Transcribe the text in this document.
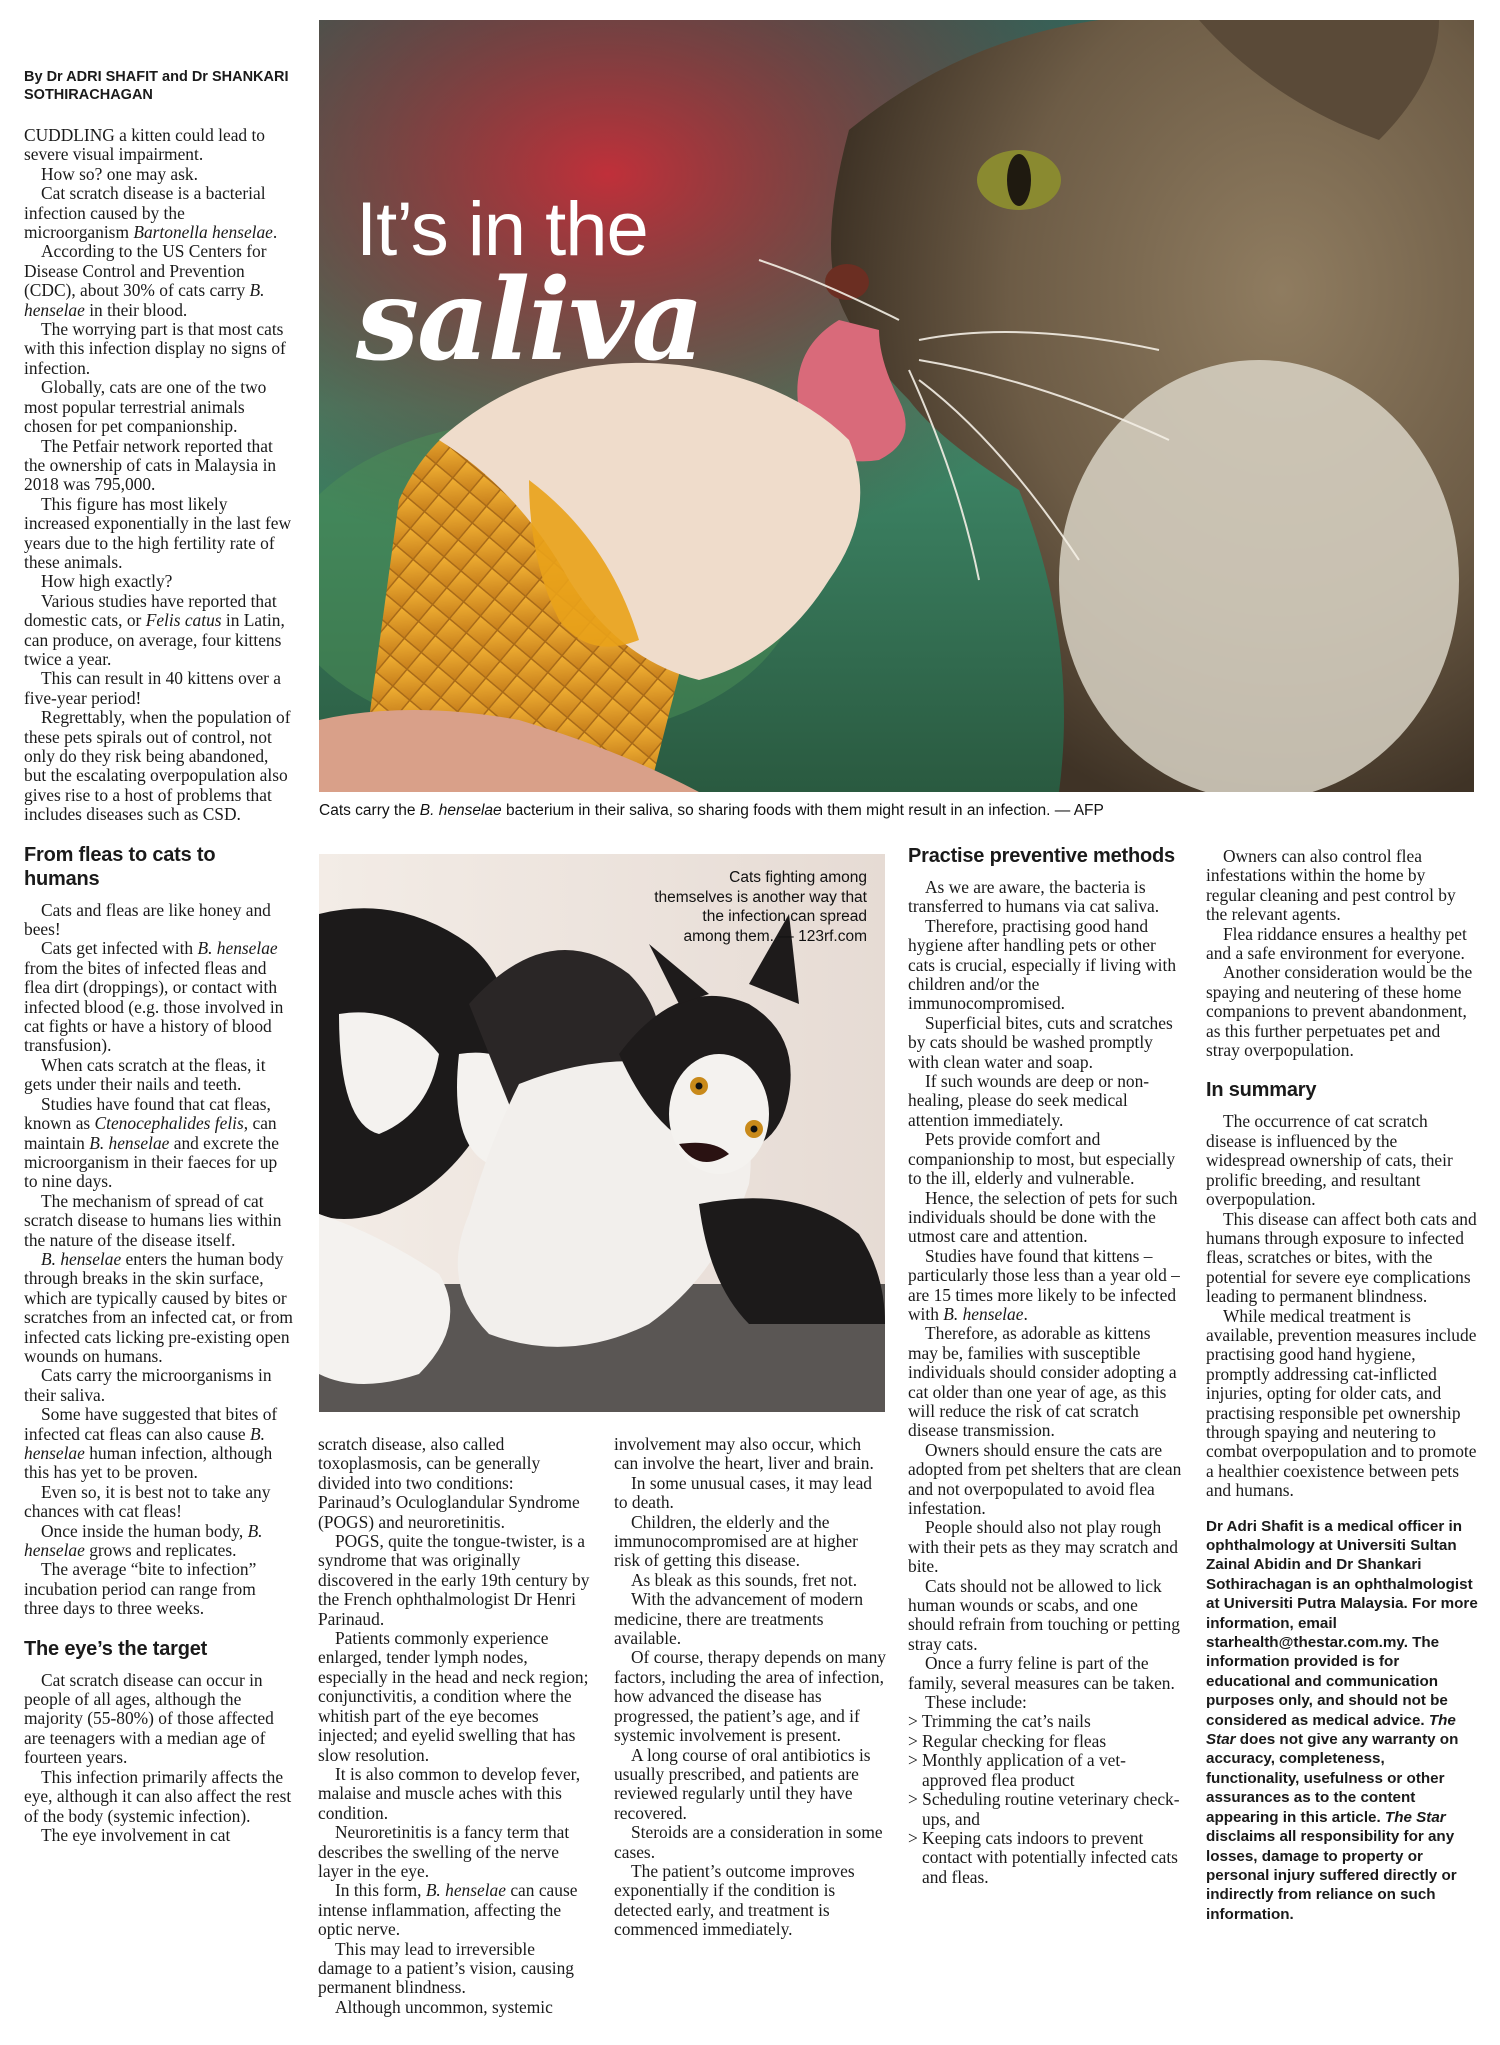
It’s in the
saliva
Cats carry the B. henselae bacterium in their saliva, so sharing foods with them might result in an infection. — AFP
Cats fighting among themselves is another way that the infection can spread among them. — 123rf.com
By Dr ADRI SHAFIT and Dr SHANKARI SOTHIRACHAGAN

CUDDLING a kitten could lead to severe visual impairment.

How so? one may ask.

Cat scratch disease is a bacterial infection caused by the microorganism Bartonella henselae.

According to the US Centers for Disease Control and Prevention (CDC), about 30% of cats carry B. henselae in their blood.

The worrying part is that most cats with this infection display no signs of infection.

Globally, cats are one of the two most popular terrestrial animals chosen for pet companionship.

The Petfair network reported that the ownership of cats in Malaysia in 2018 was 795,000.

This figure has most likely increased exponentially in the last few years due to the high fertility rate of these animals.

How high exactly?

Various studies have reported that domestic cats, or Felis catus in Latin, can produce, on average, four kittens twice a year.

This can result in 40 kittens over a five-year period!

Regrettably, when the population of these pets spirals out of control, not only do they risk being abandoned, but the escalating overpopulation also gives rise to a host of problems that includes diseases such as CSD.

From fleas to cats to humans

Cats and fleas are like honey and bees!

Cats get infected with B. henselae from the bites of infected fleas and flea dirt (droppings), or contact with infected blood (e.g. those involved in cat fights or have a history of blood transfusion).

When cats scratch at the fleas, it gets under their nails and teeth.

Studies have found that cat fleas, known as Ctenocephalides felis, can maintain B. henselae and excrete the microorganism in their faeces for up to nine days.

The mechanism of spread of cat scratch disease to humans lies within the nature of the disease itself.

B. henselae enters the human body through breaks in the skin surface, which are typically caused by bites or scratches from an infected cat, or from infected cats licking pre-existing open wounds on humans.

Cats carry the microorganisms in their saliva.

Some have suggested that bites of infected cat fleas can also cause B. henselae human infection, although this has yet to be proven.

Even so, it is best not to take any chances with cat fleas!

Once inside the human body, B. henselae grows and replicates.

The average “bite to infection” incubation period can range from three days to three weeks.

The eye’s the target

Cat scratch disease can occur in people of all ages, although the majority (55-80%) of those affected are teenagers with a median age of fourteen years.

This infection primarily affects the eye, although it can also affect the rest of the body (systemic infection).

The eye involvement in cat

scratch disease, also called toxoplasmosis, can be generally divided into two conditions: Parinaud’s Oculoglandular Syndrome (POGS) and neuroretinitis.

POGS, quite the tongue-twister, is a syndrome that was originally discovered in the early 19th century by the French ophthalmologist Dr Henri Parinaud.

Patients commonly experience enlarged, tender lymph nodes, especially in the head and neck region; conjunctivitis, a condition where the whitish part of the eye becomes injected; and eyelid swelling that has slow resolution.

It is also common to develop fever, malaise and muscle aches with this condition.

Neuroretinitis is a fancy term that describes the swelling of the nerve layer in the eye.

In this form, B. henselae can cause intense inflammation, affecting the optic nerve.

This may lead to irreversible damage to a patient’s vision, causing permanent blindness.

Although uncommon, systemic

involvement may also occur, which can involve the heart, liver and brain.

In some unusual cases, it may lead to death.

Children, the elderly and the immunocompromised are at higher risk of getting this disease.

As bleak as this sounds, fret not.

With the advancement of modern medicine, there are treatments available.

Of course, therapy depends on many factors, including the area of infection, how advanced the disease has progressed, the patient’s age, and if systemic involvement is present.

A long course of oral antibiotics is usually prescribed, and patients are reviewed regularly until they have recovered.

Steroids are a consideration in some cases.

The patient’s outcome improves exponentially if the condition is detected early, and treatment is commenced immediately.

Practise preventive methods

As we are aware, the bacteria is transferred to humans via cat saliva.

Therefore, practising good hand hygiene after handling pets or other cats is crucial, especially if living with children and/or the immunocompromised.

Superficial bites, cuts and scratches by cats should be washed promptly with clean water and soap.

If such wounds are deep or non-healing, please do seek medical attention immediately.

Pets provide comfort and companionship to most, but especially to the ill, elderly and vulnerable.

Hence, the selection of pets for such individuals should be done with the utmost care and attention.

Studies have found that kittens – particularly those less than a year old – are 15 times more likely to be infected with B. henselae.

Therefore, as adorable as kittens may be, families with susceptible individuals should consider adopting a cat older than one year of age, as this will reduce the risk of cat scratch disease transmission.

Owners should ensure the cats are adopted from pet shelters that are clean and not overpopulated to avoid flea infestation.

People should also not play rough with their pets as they may scratch and bite.

Cats should not be allowed to lick human wounds or scabs, and one should refrain from touching or petting stray cats.

Once a furry feline is part of the family, several measures can be taken.

These include:

> Trimming the cat’s nails
> Regular checking for fleas
> Monthly application of a vet-approved flea product
> Scheduling routine veterinary check-ups, and
> Keeping cats indoors to prevent contact with potentially infected cats and fleas.

Owners can also control flea infestations within the home by regular cleaning and pest control by the relevant agents.

Flea riddance ensures a healthy pet and a safe environment for everyone.

Another consideration would be the spaying and neutering of these home companions to prevent abandonment, as this further perpetuates pet and stray overpopulation.

In summary

The occurrence of cat scratch disease is influenced by the widespread ownership of cats, their prolific breeding, and resultant overpopulation.

This disease can affect both cats and humans through exposure to infected fleas, scratches or bites, with the potential for severe eye complications leading to permanent blindness.

While medical treatment is available, prevention measures include practising good hand hygiene, promptly addressing cat-inflicted injuries, opting for older cats, and practising responsible pet ownership through spaying and neutering to combat overpopulation and to promote a healthier coexistence between pets and humans.

Dr Adri Shafit is a medical officer in ophthalmology at Universiti Sultan Zainal Abidin and Dr Shankari Sothirachagan is an ophthalmologist at Universiti Putra Malaysia. For more information, email starhealth@thestar.com.my. The information provided is for educational and communication purposes only, and should not be considered as medical advice. The Star does not give any warranty on accuracy, completeness, functionality, usefulness or other assurances as to the content appearing in this article. The Star disclaims all responsibility for any losses, damage to property or personal injury suffered directly or indirectly from reliance on such information.
